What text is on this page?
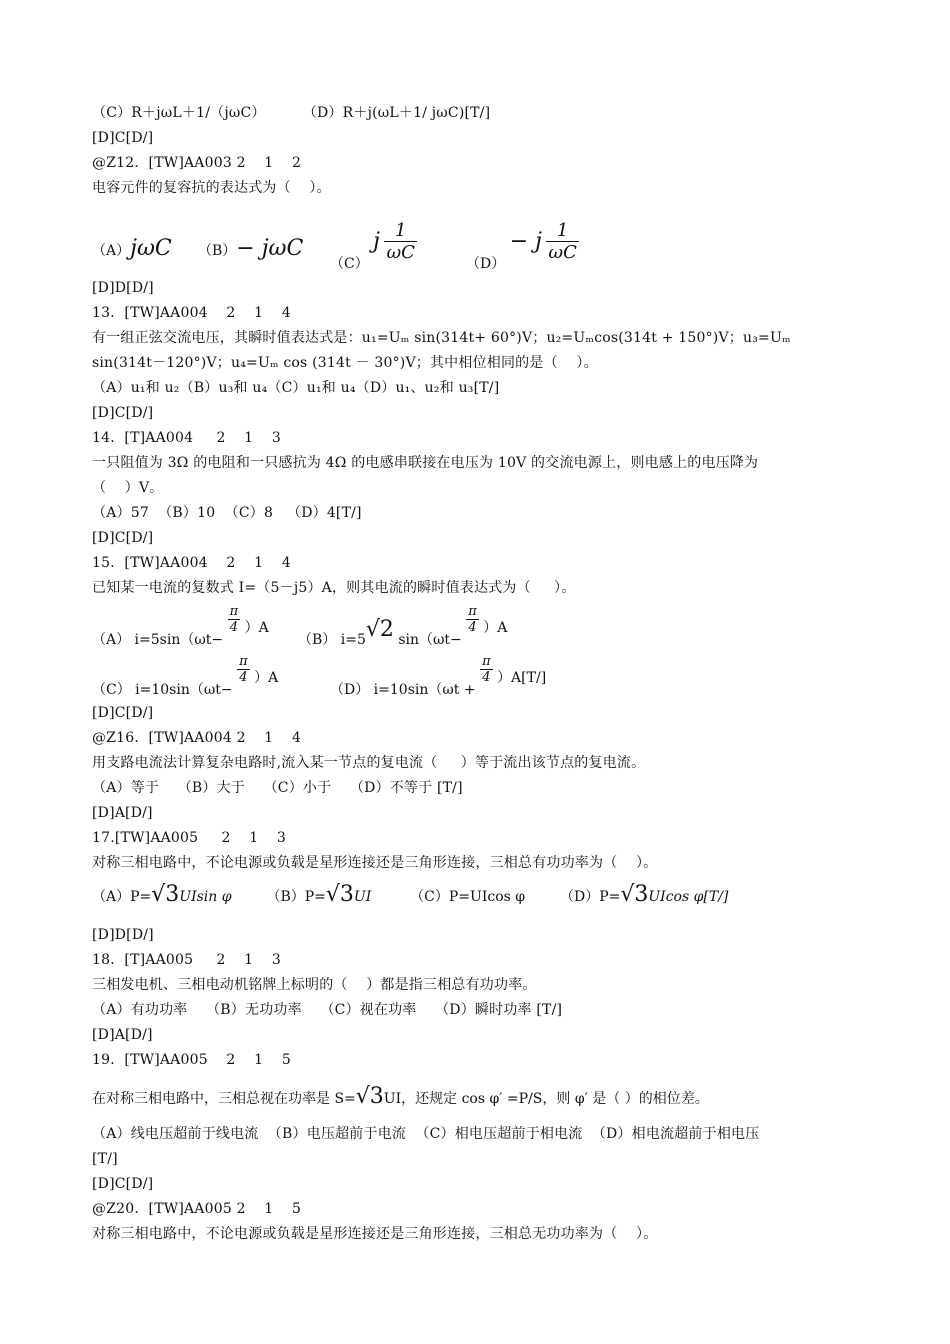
（C）R＋jωL＋1/（jωC）        （D）R＋j(ωL＋1/ jωC)[T/]
[D]C[D/]
@Z12．[TW]AA003 2    1    2
电容元件的复容抗的表达式为（    ）。
（A）jωC （B）− jωC
（C） j $\frac{1}{\omega C}$
（D） − j $\frac{1}{\omega C}$
[D]D[D/]
13．[TW]AA004    2    1    4
有一组正弦交流电压，其瞬时值表达式是：u₁=Uₘ sin(314t+ 60°)V；u₂=Uₘcos(314t + 150°)V；u₃=Uₘ
sin(314t－120°)V；u₄=Uₘ cos (314t － 30°)V；其中相位相同的是（    ）。
（A）u₁和 u₂（B）u₃和 u₄（C）u₁和 u₄（D）u₁、u₂和 u₃[T/]
[D]C[D/]
14．[T]AA004     2    1    3
一只阻值为 3Ω 的电阻和一只感抗为 4Ω 的电感串联接在电压为 10V 的交流电源上，则电感上的电压降为
（    ）V。
（A）57  （B）10  （C）8   （D）4[T/]
[D]C[D/]
15．[TW]AA004    2    1    4
已知某一电流的复数式 I=（5－j5）A，则其电流的瞬时值表达式为（     ）。
（A） i=5sin（ωt−
$\frac{\pi}{4} )A$
（B） i=5√2 sin（ωt−
$\frac{\pi}{4} )A$
（C） i=10sin（ωt−
$\frac{\pi}{4} )A$
（D） i=10sin（ωt +
$\frac{\pi}{4} )A[T/]$
[D]C[D/]
@Z16．[TW]AA004 2    1    4
用支路电流法计算复杂电路时,流入某一节点的复电流（     ）等于流出该节点的复电流。
（A）等于    （B）大于    （C）小于    （D）不等于 [T/]
[D]A[D/]
17.[TW]AA005     2    1    3
对称三相电路中，不论电源或负载是星形连接还是三角形连接，三相总有功功率为（    ）。
（A）P=√3UIsin φ （B）P=√3UI	（C）P=UIcos φ （D）P=√3UIcos φ[T/]
[D]D[D/]
18．[T]AA005     2    1    3
三相发电机、三相电动机铭牌上标明的（    ）都是指三相总有功功率。
（A）有功功率    （B）无功功率    （C）视在功率    （D）瞬时功率 [T/]
[D]A[D/]
19．[TW]AA005    2    1    5
在对称三相电路中，三相总视在功率是 S=√3UI，还规定 cos φ′ =P/S，则 φ′ 是（ ）的相位差。
（A）线电压超前于线电流  （B）电压超前于电流  （C）相电压超前于相电流  （D）相电流超前于相电压
[T/]
[D]C[D/]
@Z20．[TW]AA005 2    1    5
对称三相电路中，不论电源或负载是星形连接还是三角形连接，三相总无功功率为（    ）。
